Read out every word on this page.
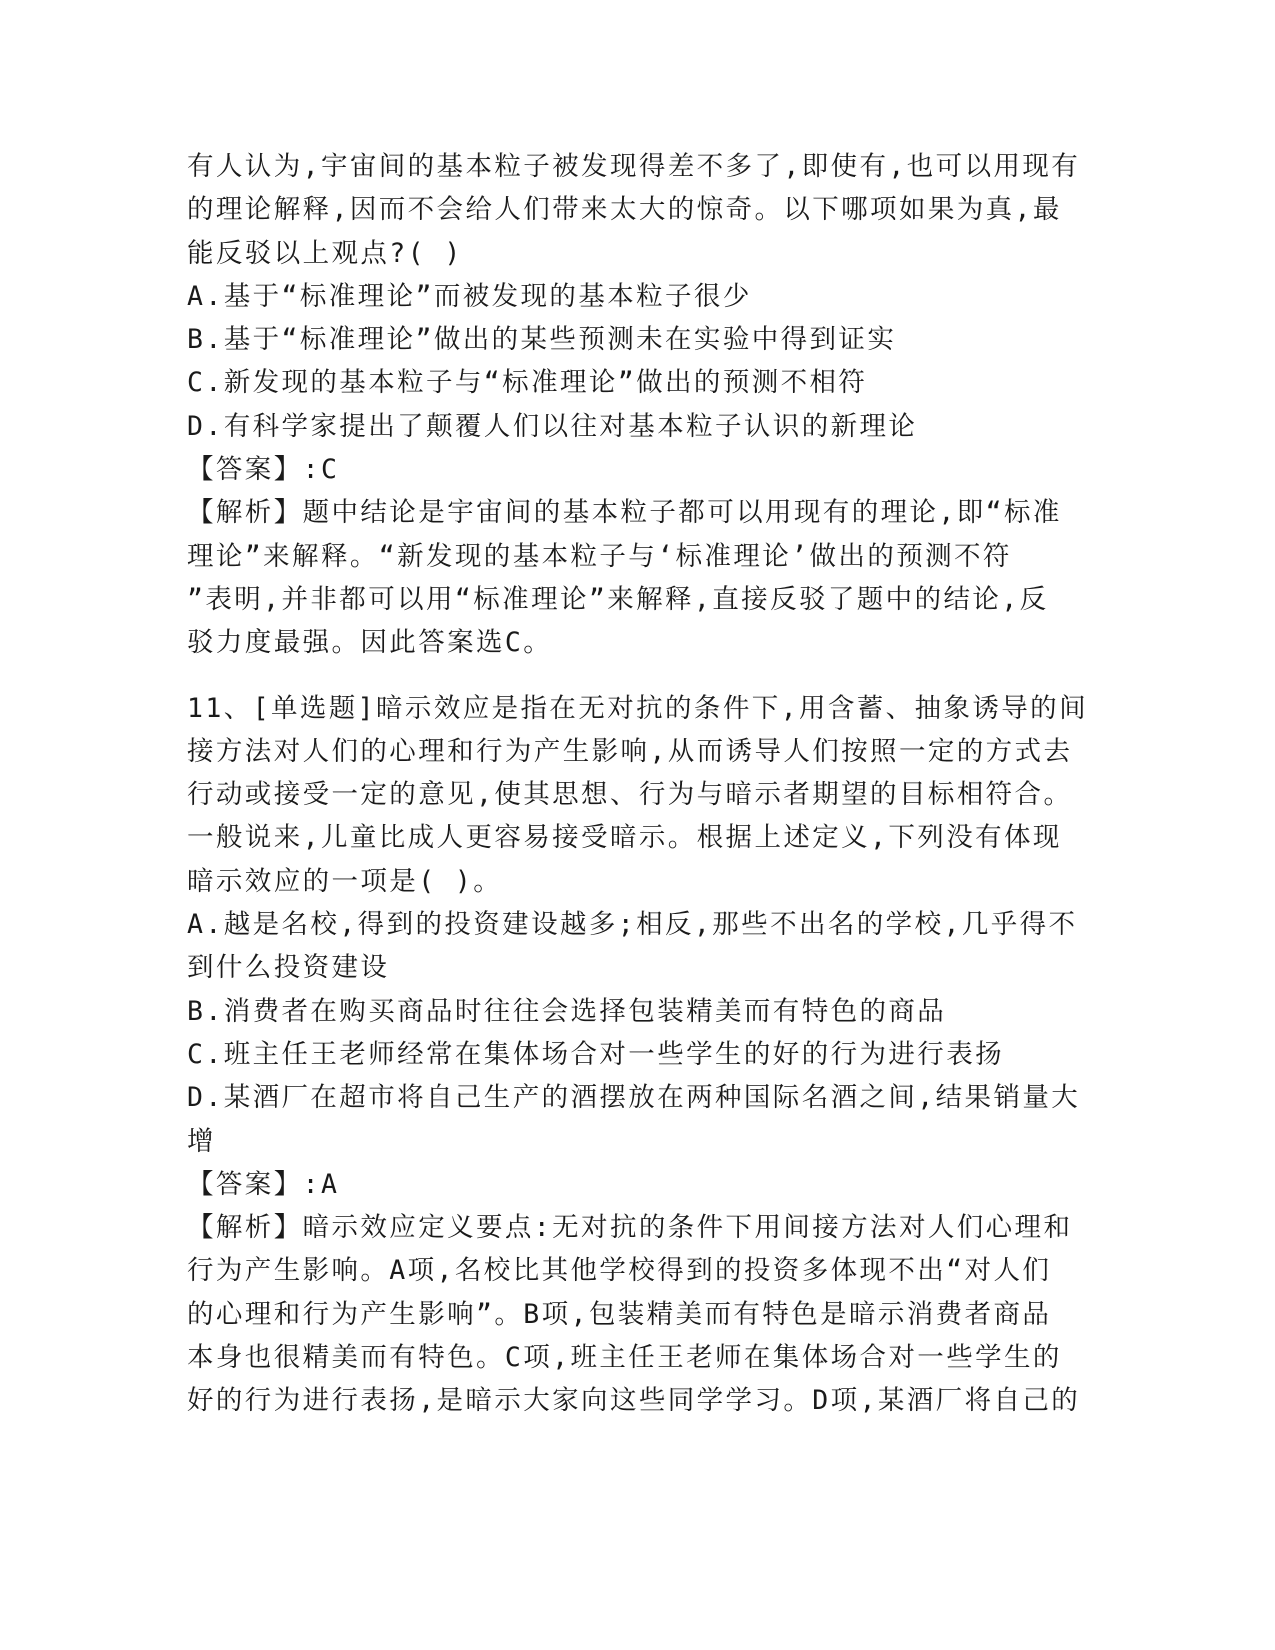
有人认为,宇宙间的基本粒子被发现得差不多了,即使有,也可以用现有
的理论解释,因而不会给人们带来太大的惊奇。以下哪项如果为真,最
能反驳以上观点?( )
A.基于“标准理论”而被发现的基本粒子很少
B.基于“标准理论”做出的某些预测未在实验中得到证实
C.新发现的基本粒子与“标准理论”做出的预测不相符
D.有科学家提出了颠覆人们以往对基本粒子认识的新理论
【答案】:C
【解析】题中结论是宇宙间的基本粒子都可以用现有的理论,即“标准
理论”来解释。“新发现的基本粒子与‘标准理论’做出的预测不符
”表明,并非都可以用“标准理论”来解释,直接反驳了题中的结论,反
驳力度最强。因此答案选C。
11、[单选题]暗示效应是指在无对抗的条件下,用含蓄、抽象诱导的间
接方法对人们的心理和行为产生影响,从而诱导人们按照一定的方式去
行动或接受一定的意见,使其思想、行为与暗示者期望的目标相符合。
一般说来,儿童比成人更容易接受暗示。根据上述定义,下列没有体现
暗示效应的一项是( )。
A.越是名校,得到的投资建设越多;相反,那些不出名的学校,几乎得不
到什么投资建设
B.消费者在购买商品时往往会选择包装精美而有特色的商品
C.班主任王老师经常在集体场合对一些学生的好的行为进行表扬
D.某酒厂在超市将自己生产的酒摆放在两种国际名酒之间,结果销量大
增
【答案】:A
【解析】暗示效应定义要点:无对抗的条件下用间接方法对人们心理和
行为产生影响。A项,名校比其他学校得到的投资多体现不出“对人们
的心理和行为产生影响”。B项,包装精美而有特色是暗示消费者商品
本身也很精美而有特色。C项,班主任王老师在集体场合对一些学生的
好的行为进行表扬,是暗示大家向这些同学学习。D项,某酒厂将自己的
